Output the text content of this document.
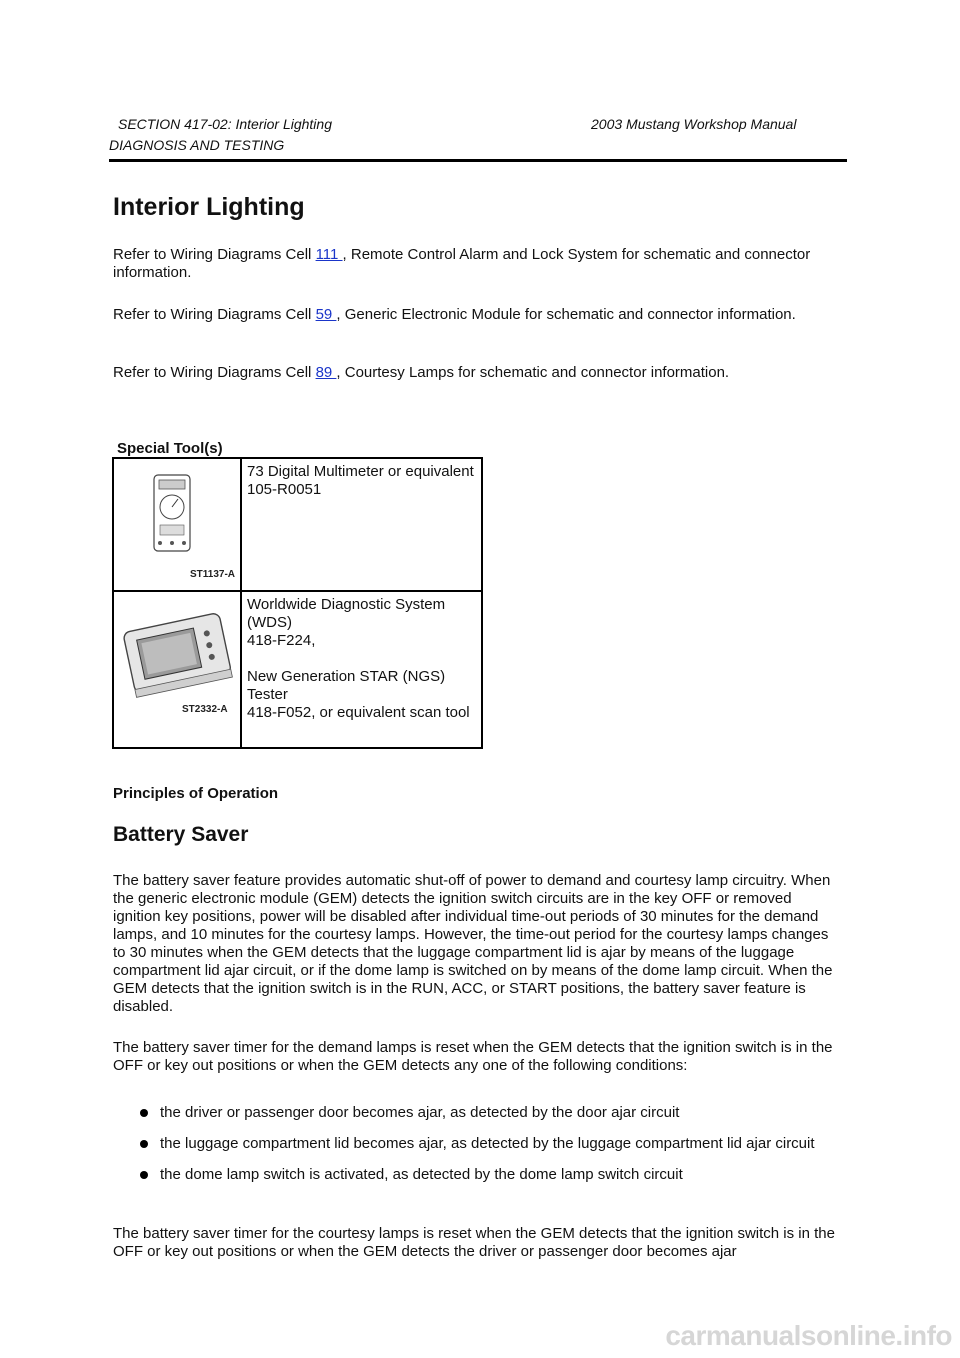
SECTION 417-02: Interior Lighting	2003 Mustang Workshop Manual
DIAGNOSIS AND TESTING
Interior Lighting

Refer to Wiring Diagrams Cell 111 , Remote Control Alarm and Lock System for schematic and connector information.

Refer to Wiring Diagrams Cell 59 , Generic Electronic Module for schematic and connector information.

Refer to Wiring Diagrams Cell 89 , Courtesy Lamps for schematic and connector information.

Special Tool(s)
ST1137-A	73 Digital Multimeter or equivalent
105-R0051

ST2332-A	Worldwide Diagnostic System (WDS)
418-F224,
New Generation STAR (NGS) Tester
418-F052, or equivalent scan tool
Principles of Operation
Battery Saver

The battery saver feature provides automatic shut-off of power to demand and courtesy lamp circuitry. When the generic electronic module (GEM) detects the ignition switch circuits are in the key OFF or removed ignition key positions, power will be disabled after individual time-out periods of 30 minutes for the demand lamps, and 10 minutes for the courtesy lamps. However, the time-out period for the courtesy lamps changes to 30 minutes when the GEM detects that the luggage compartment lid is ajar by means of the luggage compartment lid ajar circuit, or if the dome lamp is switched on by means of the dome lamp circuit. When the GEM detects that the ignition switch is in the RUN, ACC, or START positions, the battery saver feature is disabled.

The battery saver timer for the demand lamps is reset when the GEM detects that the ignition switch is in the OFF or key out positions or when the GEM detects any one of the following conditions:

the driver or passenger door becomes ajar, as detected by the door ajar circuit
the luggage compartment lid becomes ajar, as detected by the luggage compartment lid ajar circuit
the dome lamp switch is activated, as detected by the dome lamp switch circuit

The battery saver timer for the courtesy lamps is reset when the GEM detects that the ignition switch is in the OFF or key out positions or when the GEM detects the driver or passenger door becomes ajar

carmanualsonline.info
